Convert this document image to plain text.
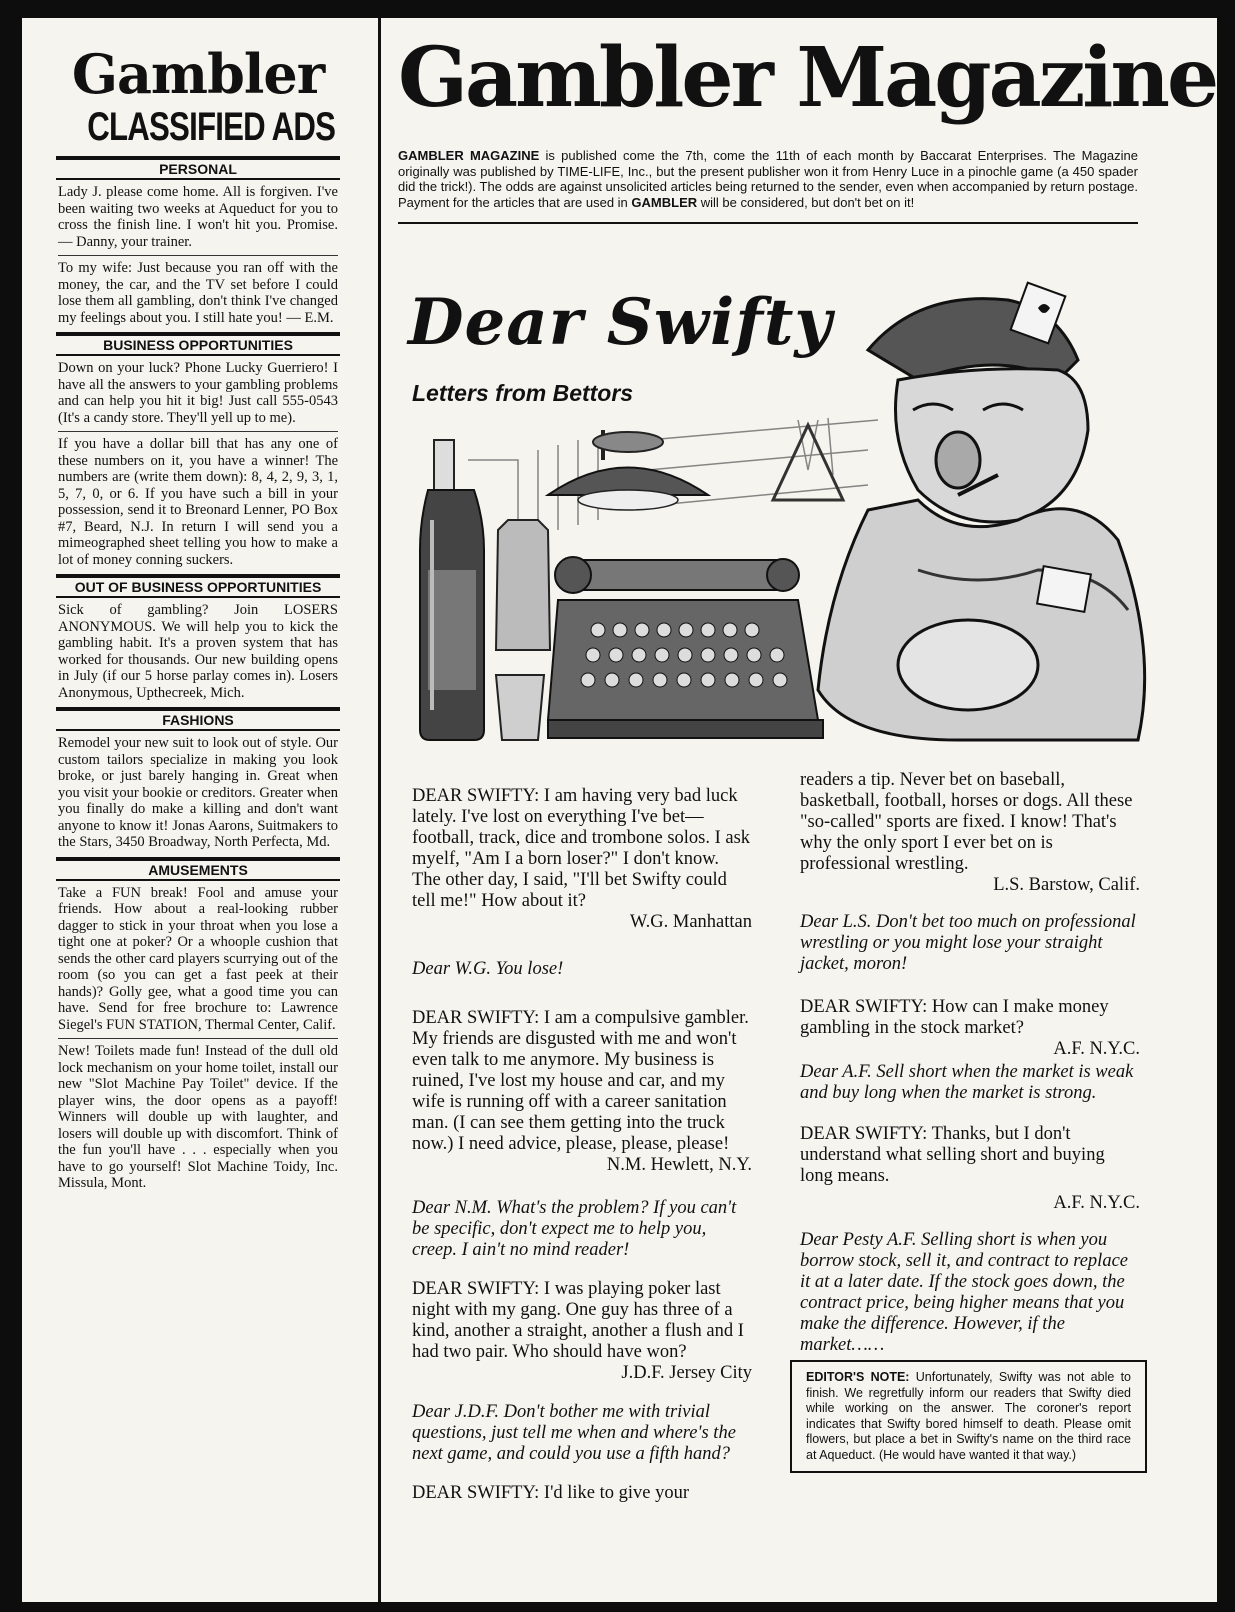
Gambler
CLASSIFIED ADS
PERSONAL
Lady J. please come home. All is forgiven. I've been waiting two weeks at Aqueduct for you to cross the finish line. I won't hit you. Promise. — Danny, your trainer.
To my wife: Just because you ran off with the money, the car, and the TV set before I could lose them all gambling, don't think I've changed my feelings about you. I still hate you! — E.M.
BUSINESS OPPORTUNITIES
Down on your luck? Phone Lucky Guerriero! I have all the answers to your gambling problems and can help you hit it big! Just call 555-0543 (It's a candy store. They'll yell up to me).
If you have a dollar bill that has any one of these numbers on it, you have a winner! The numbers are (write them down): 8, 4, 2, 9, 3, 1, 5, 7, 0, or 6. If you have such a bill in your possession, send it to Breonard Lenner, PO Box #7, Beard, N.J. In return I will send you a mimeographed sheet telling you how to make a lot of money conning suckers.
OUT OF BUSINESS OPPORTUNITIES
Sick of gambling? Join LOSERS ANONYMOUS. We will help you to kick the gambling habit. It's a proven system that has worked for thousands. Our new building opens in July (if our 5 horse parlay comes in). Losers Anonymous, Upthecreek, Mich.
FASHIONS
Remodel your new suit to look out of style. Our custom tailors specialize in making you look broke, or just barely hanging in. Great when you visit your bookie or creditors. Greater when you finally do make a killing and don't want anyone to know it! Jonas Aarons, Suitmakers to the Stars, 3450 Broadway, North Perfecta, Md.
AMUSEMENTS
Take a FUN break! Fool and amuse your friends. How about a real-looking rubber dagger to stick in your throat when you lose a tight one at poker? Or a whoople cushion that sends the other card players scurrying out of the room (so you can get a fast peek at their hands)? Golly gee, what a good time you can have. Send for free brochure to: Lawrence Siegel's FUN STATION, Thermal Center, Calif.
New! Toilets made fun! Instead of the dull old lock mechanism on your home toilet, install our new "Slot Machine Pay Toilet" device. If the player wins, the door opens as a payoff! Winners will double up with laughter, and losers will double up with discomfort. Think of the fun you'll have . . . especially when you have to go yourself! Slot Machine Toidy, Inc. Missula, Mont.
Gambler Magazine
GAMBLER MAGAZINE is published come the 7th, come the 11th of each month by Baccarat Enterprises. The Magazine originally was published by TIME-LIFE, Inc., but the present publisher won it from Henry Luce in a pinochle game (a 450 spader did the trick!). The odds are against unsolicited articles being returned to the sender, even when accompanied by return postage. Payment for the articles that are used in GAMBLER will be considered, but don't bet on it!
Dear Swifty
Letters from Bettors
DEAR SWIFTY: I am having very bad luck lately. I've lost on everything I've bet—football, track, dice and trombone solos. I ask myelf, "Am I a born loser?" I don't know. The other day, I said, "I'll bet Swifty could tell me!" How about it?
W.G. Manhattan
Dear W.G. You lose!
DEAR SWIFTY: I am a compulsive gambler. My friends are disgusted with me and won't even talk to me anymore. My business is ruined, I've lost my house and car, and my wife is running off with a career sanitation man. (I can see them getting into the truck now.) I need advice, please, please, please!
N.M. Hewlett, N.Y.
Dear N.M. What's the problem? If you can't be specific, don't expect me to help you, creep. I ain't no mind reader!
DEAR SWIFTY: I was playing poker last night with my gang. One guy has three of a kind, another a straight, another a flush and I had two pair. Who should have won?
J.D.F. Jersey City
Dear J.D.F. Don't bother me with trivial questions, just tell me when and where's the next game, and could you use a fifth hand?
DEAR SWIFTY: I'd like to give your
readers a tip. Never bet on baseball, basketball, football, horses or dogs. All these "so-called" sports are fixed. I know! That's why the only sport I ever bet on is professional wrestling.
L.S. Barstow, Calif.
Dear L.S. Don't bet too much on professional wrestling or you might lose your straight jacket, moron!
DEAR SWIFTY: How can I make money gambling in the stock market?
A.F. N.Y.C.
Dear A.F. Sell short when the market is weak and buy long when the market is strong.
DEAR SWIFTY: Thanks, but I don't understand what selling short and buying long means.
A.F. N.Y.C.
Dear Pesty A.F. Selling short is when you borrow stock, sell it, and contract to replace it at a later date. If the stock goes down, the contract price, being higher means that you make the difference. However, if the market……
EDITOR'S NOTE: Unfortunately, Swifty was not able to finish. We regretfully inform our readers that Swifty died while working on the answer. The coroner's report indicates that Swifty bored himself to death. Please omit flowers, but place a bet in Swifty's name on the third race at Aqueduct. (He would have wanted it that way.)
